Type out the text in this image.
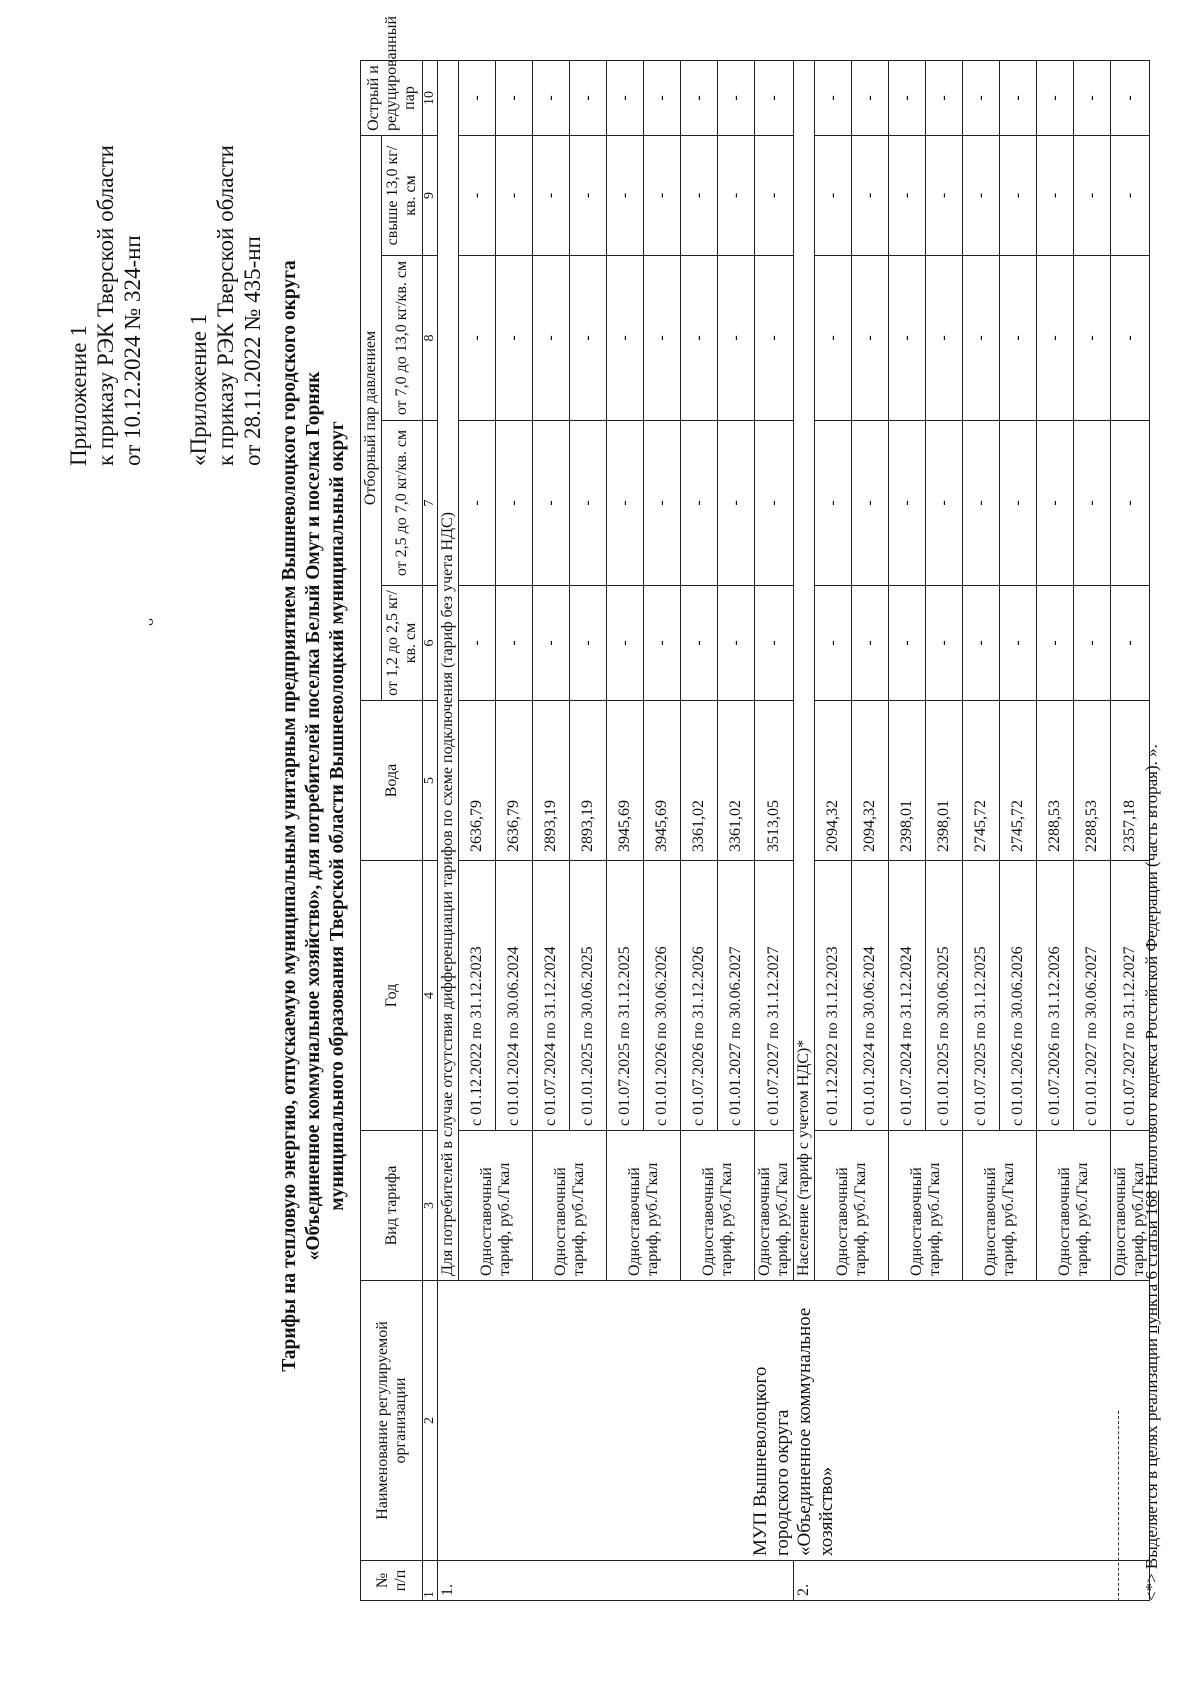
ᴗ
Приложение 1 к приказу РЭК Тверской области от 10.12.2024 № 324-нп «Приложение 1 к приказу РЭК Тверской области от 28.11.2022 № 435-нп Тарифы на тепловую энергию, отпускаемую муниципальным унитарным предприятием Вышневолоцкого городского округа «Объединенное коммунальное хозяйство», для потребителей поселка Белый Омут и поселка Горняк муниципального образования Тверской области Вышневолоцкий муниципальный округ
№ п/п	Наименование регулируемой организации	Вид тарифа	Год	Вода	Отборный пар давлением				Острый и редуцированный пар
					от 1,2 до 2,5 кг/кв. см	от 2,5 до 7,0 кг/кв. см	от 7,0 до 13,0 кг/кв. см	свыше 13,0 кг/кв. см	
1	2	3	4	5	6	7	8	9	10
1.	МУП Вышневолоцкого городского округа «Объединенное коммунальное хозяйство»	Для потребителей в случае отсутствия дифференциации тарифов по схеме подключения (тариф без учета НДС)							
		Одноставочный тариф, руб./Гкал	с 01.12.2022 по 31.12.2023	2636,79	-	-	-	-	-
			с 01.01.2024 по 30.06.2024	2636,79	-	-	-	-	-
		Одноставочный тариф, руб./Гкал	с 01.07.2024 по 31.12.2024	2893,19	-	-	-	-	-
			с 01.01.2025 по 30.06.2025	2893,19	-	-	-	-	-
		Одноставочный тариф, руб./Гкал	с 01.07.2025 по 31.12.2025	3945,69	-	-	-	-	-
			с 01.01.2026 по 30.06.2026	3945,69	-	-	-	-	-
		Одноставочный тариф, руб./Гкал	с 01.07.2026 по 31.12.2026	3361,02	-	-	-	-	-
			с 01.01.2027 по 30.06.2027	3361,02	-	-	-	-	-
		Одноставочный тариф, руб./Гкал	с 01.07.2027 по 31.12.2027	3513,05	-	-	-	-	-
2.		Население (тариф с учетом НДС)*							
		Одноставочный тариф, руб./Гкал	с 01.12.2022 по 31.12.2023	2094,32	-	-	-	-	-
			с 01.01.2024 по 30.06.2024	2094,32	-	-	-	-	-
		Одноставочный тариф, руб./Гкал	с 01.07.2024 по 31.12.2024	2398,01	-	-	-	-	-
			с 01.01.2025 по 30.06.2025	2398,01	-	-	-	-	-
		Одноставочный тариф, руб./Гкал	с 01.07.2025 по 31.12.2025	2745,72	-	-	-	-	-
			с 01.01.2026 по 30.06.2026	2745,72	-	-	-	-	-
		Одноставочный тариф, руб./Гкал	с 01.07.2026 по 31.12.2026	2288,53	-	-	-	-	-
			с 01.01.2027 по 30.06.2027	2288,53	-	-	-	-	-
		Одноставочный тариф, руб./Гкал	с 01.07.2027 по 31.12.2027	2357,18	-	-	-	-	-
<*> Выделяется в целях реализации пункта 6 статьи 168 Налогового кодекса Российской Федерации (часть вторая). ».
